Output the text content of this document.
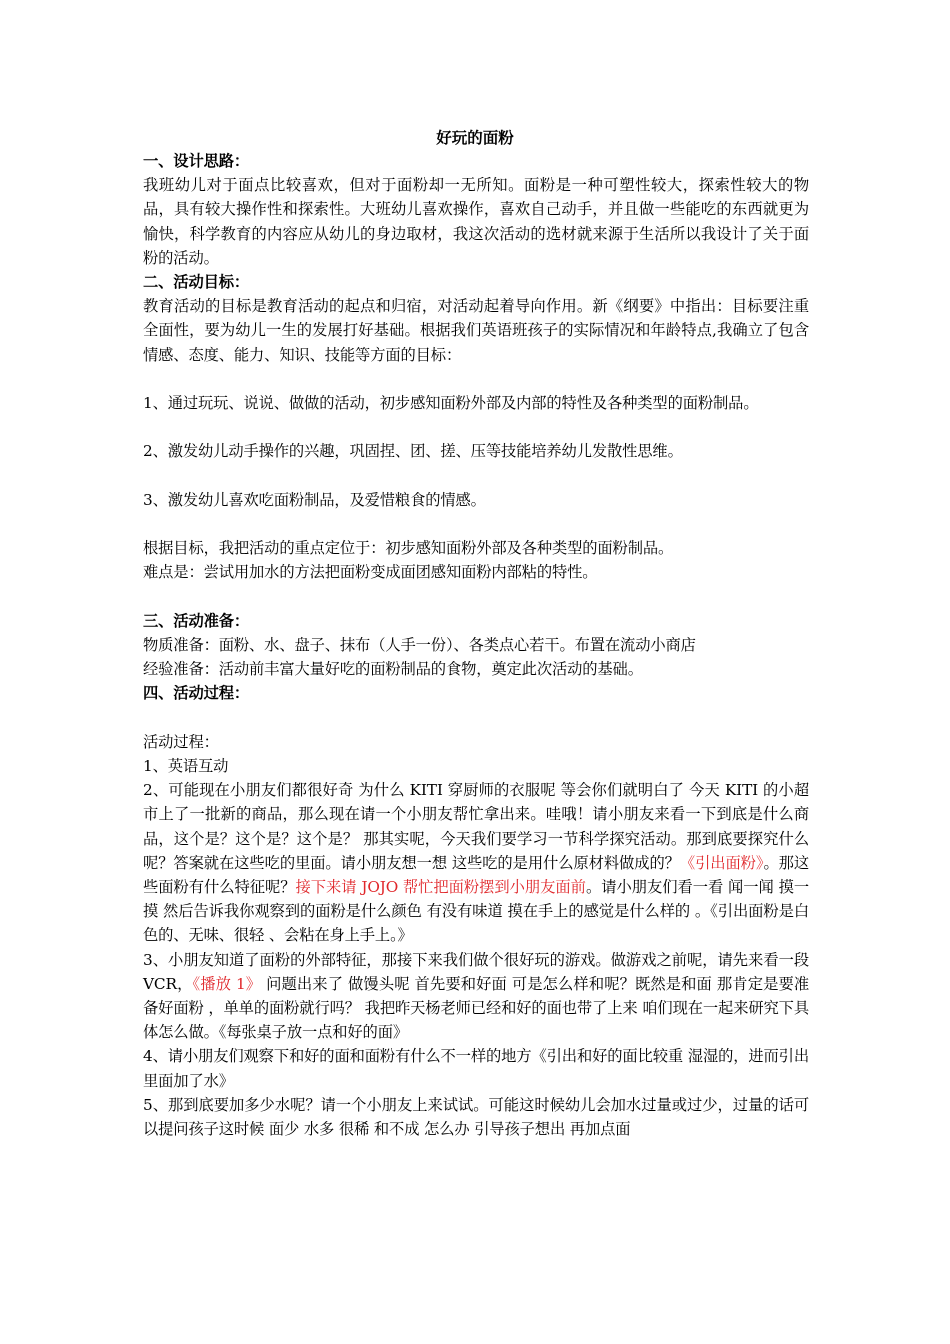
好玩的面粉

一、设计思路：

我班幼儿对于面点比较喜欢，但对于面粉却一无所知。面粉是一种可塑性较大，探索性较大的物品，具有较大操作性和探索性。大班幼儿喜欢操作，喜欢自己动手，并且做一些能吃的东西就更为愉快，科学教育的内容应从幼儿的身边取材，我这次活动的选材就来源于生活所以我设计了关于面粉的活动。

二、活动目标：

教育活动的目标是教育活动的起点和归宿，对活动起着导向作用。新《纲要》中指出：目标要注重全面性，要为幼儿一生的发展打好基础。根据我们英语班孩子的实际情况和年龄特点,我确立了包含情感、态度、能力、知识、技能等方面的目标：

1、通过玩玩、说说、做做的活动，初步感知面粉外部及内部的特性及各种类型的面粉制品。

2、激发幼儿动手操作的兴趣，巩固捏、团、搓、压等技能培养幼儿发散性思维。

3、激发幼儿喜欢吃面粉制品，及爱惜粮食的情感。

根据目标，我把活动的重点定位于：初步感知面粉外部及各种类型的面粉制品。

难点是：尝试用加水的方法把面粉变成面团感知面粉内部粘的特性。

三、活动准备：

物质准备：面粉、水、盘子、抹布（人手一份）、各类点心若干。布置在流动小商店

经验准备：活动前丰富大量好吃的面粉制品的食物，奠定此次活动的基础。

四、活动过程：

活动过程：

1、英语互动

2、可能现在小朋友们都很好奇 为什么 KITI 穿厨师的衣服呢 等会你们就明白了 今天 KITI 的小超市上了一批新的商品，那么现在请一个小朋友帮忙拿出来。哇哦！请小朋友来看一下到底是什么商品，这个是？这个是？这个是？ 那其实呢，今天我们要学习一节科学探究活动。那到底要探究什么呢？答案就在这些吃的里面。请小朋友想一想 这些吃的是用什么原材料做成的？《引出面粉》。那这些面粉有什么特征呢？接下来请 JOJO 帮忙把面粉摆到小朋友面前。请小朋友们看一看 闻一闻 摸一摸 然后告诉我你观察到的面粉是什么颜色 有没有味道 摸在手上的感觉是什么样的 。《引出面粉是白色的、无味、很轻 、会粘在身上手上。》

3、小朋友知道了面粉的外部特征，那接下来我们做个很好玩的游戏。做游戏之前呢，请先来看一段 VCR，《播放 1》 问题出来了 做馒头呢 首先要和好面 可是怎么样和呢？既然是和面 那肯定是要准备好面粉 ，单单的面粉就行吗？ 我把昨天杨老师已经和好的面也带了上来 咱们现在一起来研究下具体怎么做。《每张桌子放一点和好的面》

4、请小朋友们观察下和好的面和面粉有什么不一样的地方《引出和好的面比较重 湿湿的，进而引出里面加了水》

5、那到底要加多少水呢？请一个小朋友上来试试。可能这时候幼儿会加水过量或过少，过量的话可以提问孩子这时候 面少 水多 很稀 和不成 怎么办 引导孩子想出 再加点面
